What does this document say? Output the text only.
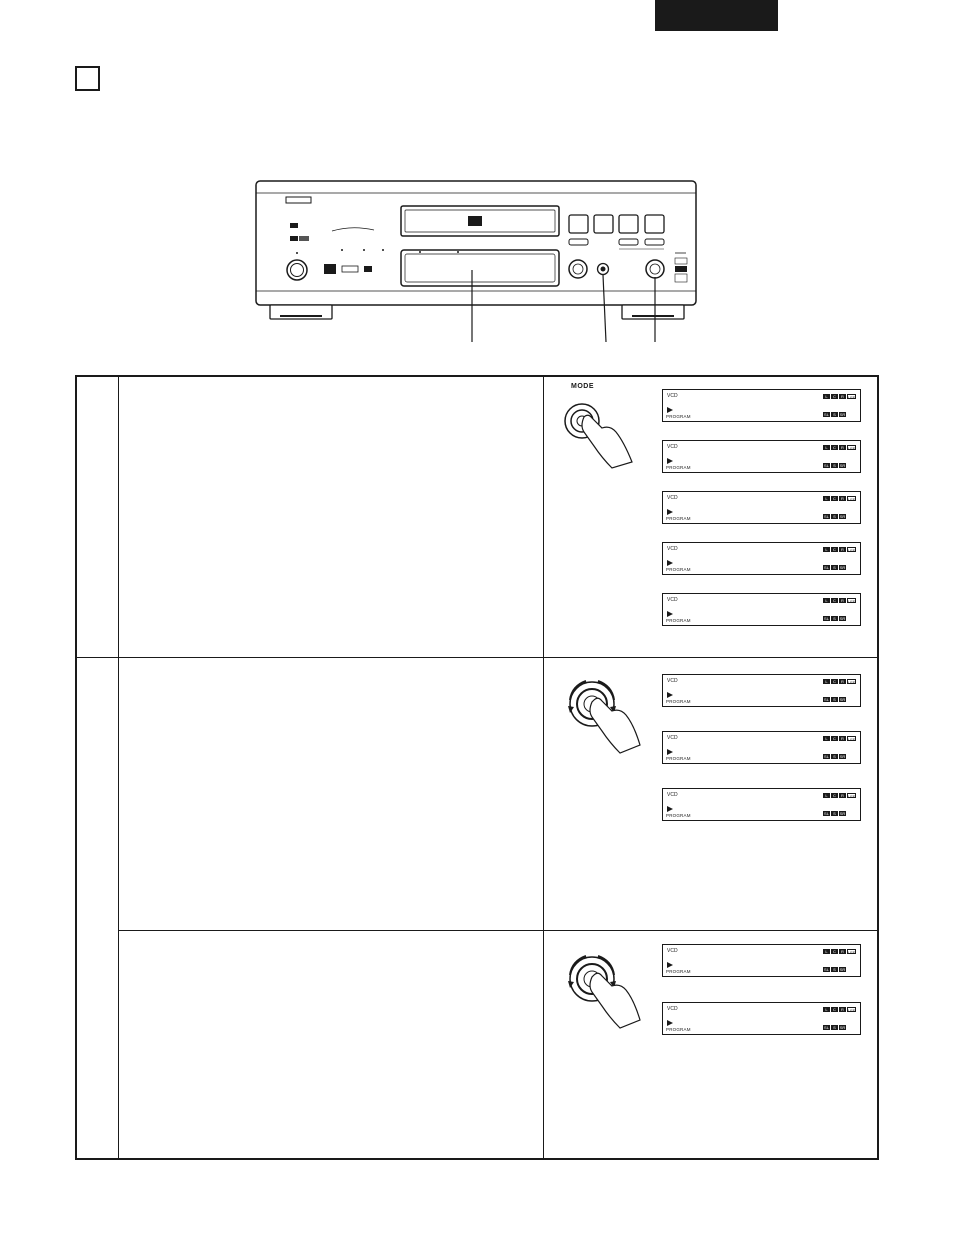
MODE
VCD
PROGRAM
L C R LFE
SL S SR
VCD
PROGRAM
L C R LFE
SL S SR
VCD
PROGRAM
L C R LFE
SL S SR
VCD
PROGRAM
L C R LFE
SL S SR
VCD
PROGRAM
L C R LFE
SL S SR
VCD
PROGRAM
L C R LFE
SL S SR
VCD
PROGRAM
L C R LFE
SL S SR
VCD
PROGRAM
L C R LFE
SL S SR
VCD
PROGRAM
L C R LFE
SL S SR
VCD
PROGRAM
L C R LFE
SL S SR
